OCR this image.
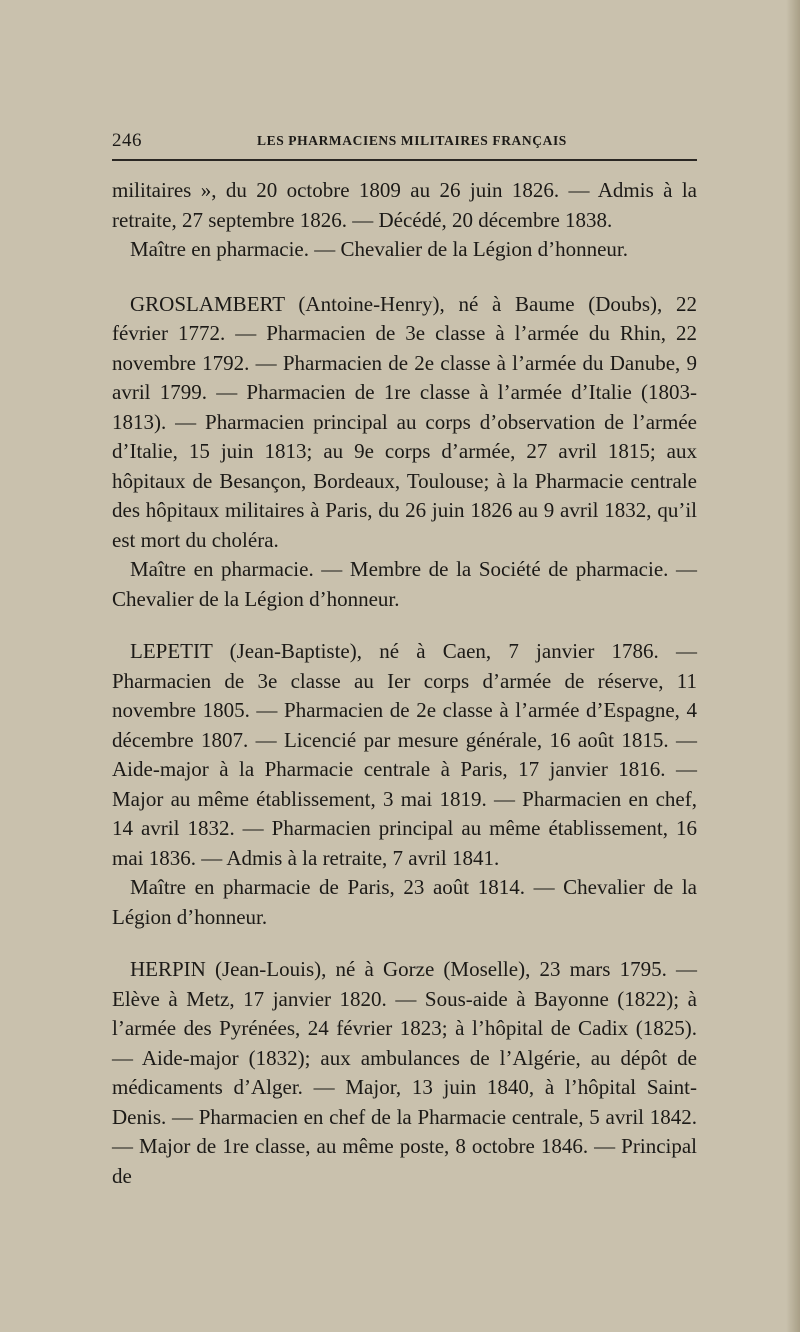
246	LES PHARMACIENS MILITAIRES FRANÇAIS

militaires », du 20 octobre 1809 au 26 juin 1826. — Admis à la retraite, 27 septembre 1826. — Décédé, 20 décembre 1838.

Maître en pharmacie. — Chevalier de la Légion d’honneur.

GROSLAMBERT (Antoine-Henry), né à Baume (Doubs), 22 février 1772. — Pharmacien de 3e classe à l’armée du Rhin, 22 novembre 1792. — Pharmacien de 2e classe à l’armée du Danube, 9 avril 1799. — Pharmacien de 1re classe à l’armée d’Italie (1803-1813). — Pharmacien principal au corps d’observation de l’armée d’Italie, 15 juin 1813; au 9e corps d’armée, 27 avril 1815; aux hôpitaux de Besançon, Bordeaux, Toulouse; à la Pharmacie centrale des hôpitaux militaires à Paris, du 26 juin 1826 au 9 avril 1832, qu’il est mort du choléra.

Maître en pharmacie. — Membre de la Société de pharmacie. — Chevalier de la Légion d’honneur.

LEPETIT (Jean-Baptiste), né à Caen, 7 janvier 1786. — Pharmacien de 3e classe au Ier corps d’armée de réserve, 11 novembre 1805. — Pharmacien de 2e classe à l’armée d’Espagne, 4 décembre 1807. — Licencié par mesure générale, 16 août 1815. — Aide-major à la Pharmacie centrale à Paris, 17 janvier 1816. — Major au même établissement, 3 mai 1819. — Pharmacien en chef, 14 avril 1832. — Pharmacien principal au même établissement, 16 mai 1836. — Admis à la retraite, 7 avril 1841.

Maître en pharmacie de Paris, 23 août 1814. — Chevalier de la Légion d’honneur.

HERPIN (Jean-Louis), né à Gorze (Moselle), 23 mars 1795. — Elève à Metz, 17 janvier 1820. — Sous-aide à Bayonne (1822); à l’armée des Pyrénées, 24 février 1823; à l’hôpital de Cadix (1825). — Aide-major (1832); aux ambulances de l’Algérie, au dépôt de médicaments d’Alger. — Major, 13 juin 1840, à l’hôpital Saint-Denis. — Pharmacien en chef de la Pharmacie centrale, 5 avril 1842. — Major de 1re classe, au même poste, 8 octobre 1846. — Principal de
